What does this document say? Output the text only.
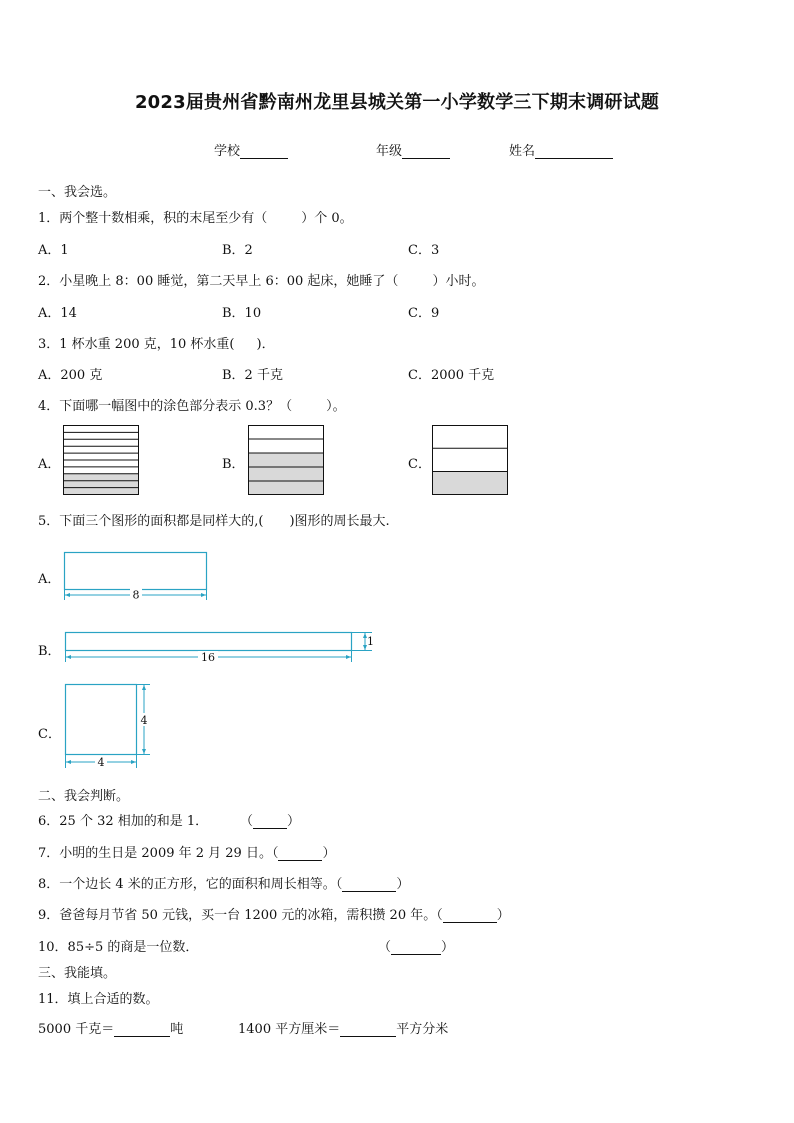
2023届贵州省黔南州龙里县城关第一小学数学三下期末调研试题
学校	年级	姓名
一、我会选。
1．两个整十数相乘，积的末尾至少有（	）个 0。
A．1	B．2	C．3
2．小星晚上 8：00 睡觉，第二天早上 6：00 起床，她睡了（	）小时。
A．14	B．10	C．9
3．1 杯水重 200 克，10 杯水重( )．
A．200 克	B．2 千克	C．2000 千克
4．下面哪一幅图中的涂色部分表示 0.3？（	）。
A．	B．	C．
5．下面三个图形的面积都是同样大的,( )图形的周长最大.
A．
B．
C．
8
1
16
4
4
二、我会判断。
6．25 个 32 相加的和是 1． （	）
7．小明的生日是 2009 年 2 月 29 日。（	）
8．一个边长 4 米的正方形，它的面积和周长相等。（	）
9．爸爸每月节省 50 元钱，买一台 1200 元的冰箱，需积攒 20 年。（	）
10．85÷5 的商是一位数．	（	）
三、我能填。
11．填上合适的数。
5000 千克＝	吨	1400 平方厘米＝	平方分米
